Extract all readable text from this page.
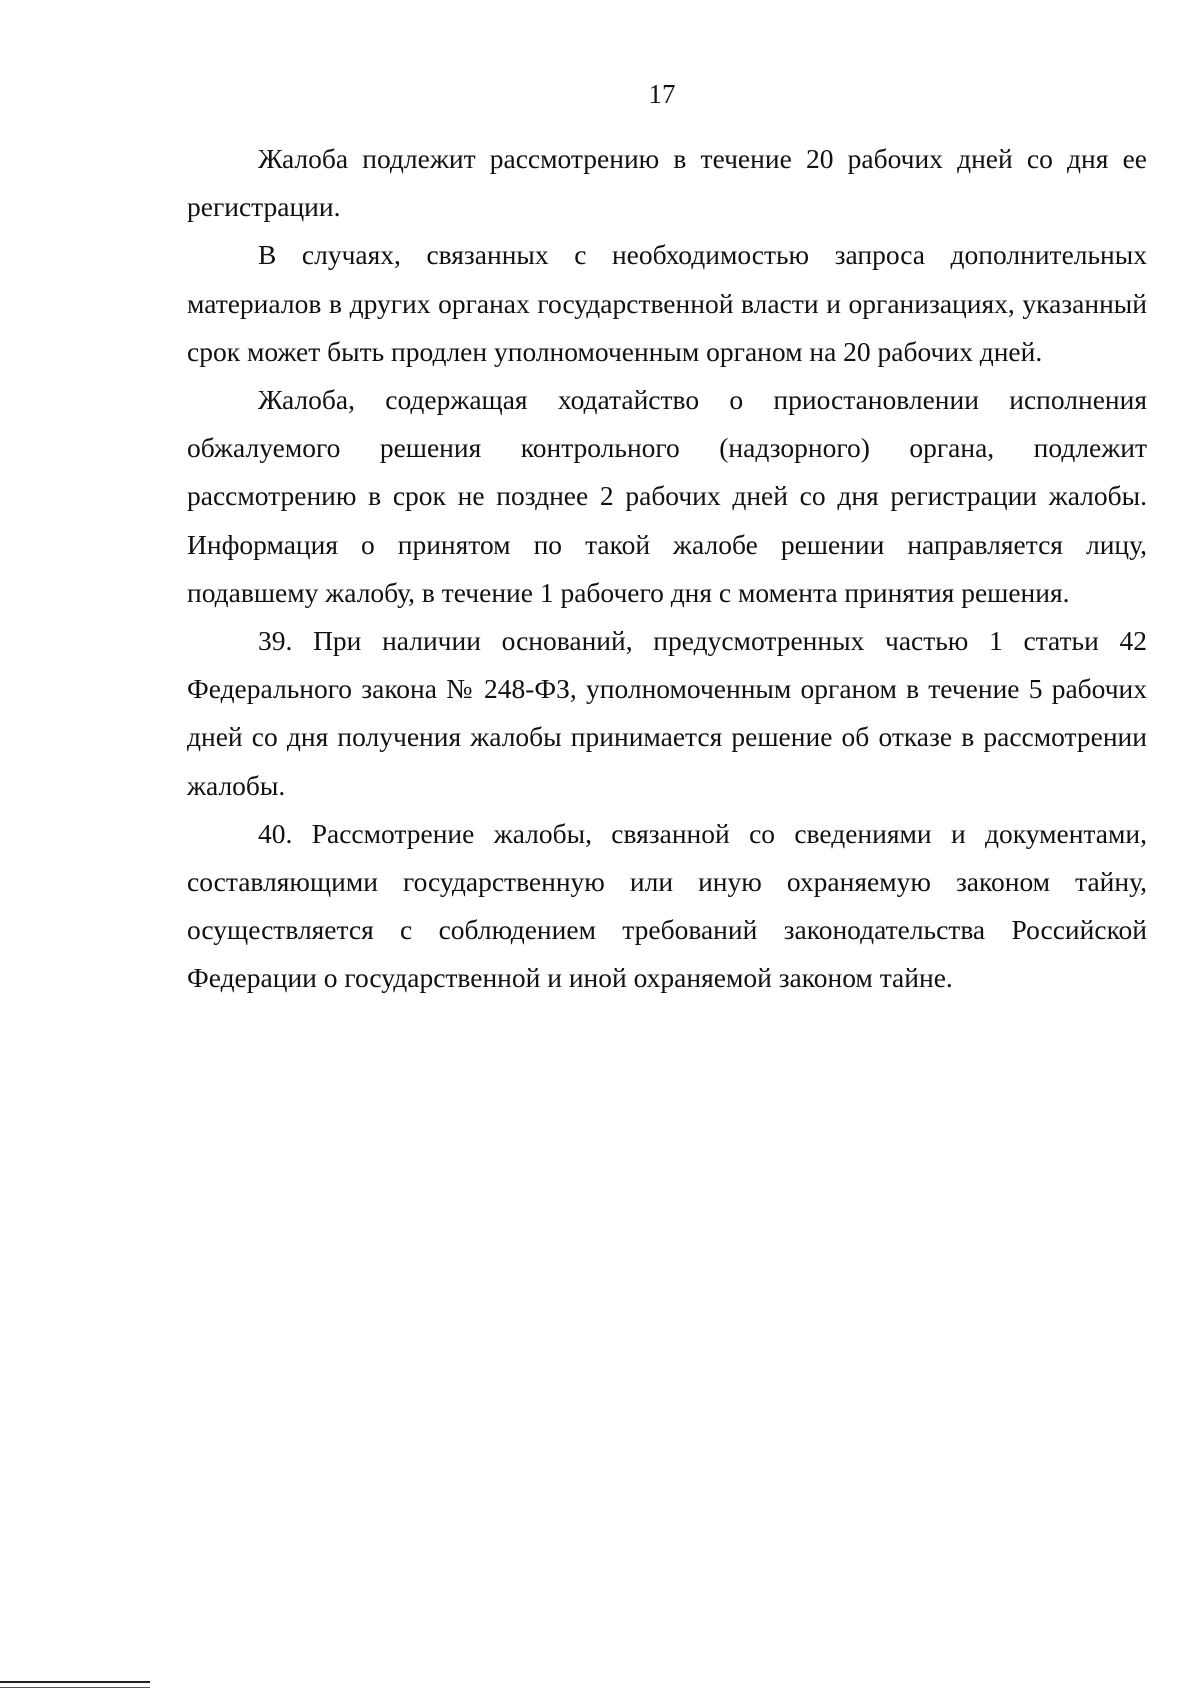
17

Жалоба подлежит рассмотрению в течение 20 рабочих дней со дня ее регистрации.

В случаях, связанных с необходимостью запроса дополнительных материалов в других органах государственной власти и организациях, указанный срок может быть продлен уполномоченным органом на 20 рабочих дней.

Жалоба, содержащая ходатайство о приостановлении исполнения обжалуемого решения контрольного (надзорного) органа, подлежит рассмотрению в срок не позднее 2 рабочих дней со дня регистрации жалобы. Информация о принятом по такой жалобе решении направляется лицу, подавшему жалобу, в течение 1 рабочего дня с момента принятия решения.

39. При наличии оснований, предусмотренных частью 1 статьи 42 Федерального закона № 248-ФЗ, уполномоченным органом в течение 5 рабочих дней со дня получения жалобы принимается решение об отказе в рассмотрении жалобы.

40. Рассмотрение жалобы, связанной со сведениями и документами, составляющими государственную или иную охраняемую законом тайну, осуществляется с соблюдением требований законодательства Российской Федерации о государственной и иной охраняемой законом тайне.
